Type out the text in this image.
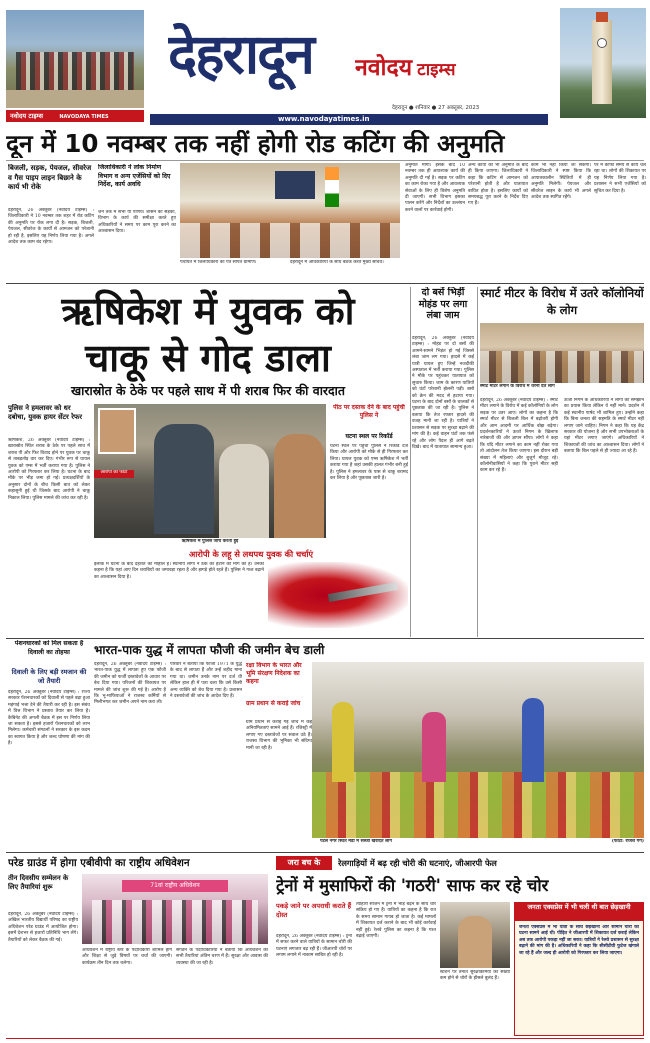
नवोदय टाइम्स	NAVODAYA TIMES
देहरादून	नवोदय टाइम्स
देहरादून ● शनिवार ● 27 अक्तूबर, 2023
www.navodayatimes.in
दून में 10 नवम्बर तक नहीं होगी रोड कटिंग की अनुमति
बिजली, सड़क, पेयजल, सीवरेज व गैस पाइप लाइन बिछाने के कार्य भी रोके
देहरादून, 26 अक्तूबर (नवोदय टाइम्स) : जिलाधिकारी ने 10 नवम्बर तक शहर में रोड कटिंग की अनुमति पर रोक लगा दी है। सड़क, बिजली, पेयजल, सीवरेज के कार्यों से आमजन को परेशानी हो रही है, इसलिए यह निर्णय लिया गया है। अगले आदेश तक काम बंद रहेगा।
जिलाधिकारी ने लोक निर्माण विभाग व अन्य एजेंसियों को दिए निर्देश, कार्य अवधि
जन तक में सभी या पणिय। शासन की सड़कों, विभाग के कार्य की समीक्षा करते हुए अधिकारियों ने समय पर काम पूरा करने का आश्वासन दिया।
पंचायत में जिलाधिकारी को पत्र सौंपते ग्रामीण।	देहरादून में अधिकारियों के साथ बैठक करते मुख्य सचिव।
अनुमति मांगी। इसके बाद 10 नवम्बर तक ही आवश्यक कार्य की अनुमति दी गई है। सड़क पर कटिंग का काम रोका गया है और आवश्यक सेवाओं के लिए ही विशेष अनुमति दी जाएगी। सभी विभाग इसका पालन करेंगे और निर्देशों का उल्लंघन करने वालों पर कार्रवाई होगी।
अन्य कार्यों को भी अनुमति के बाद ही किया जाएगा। जिलाधिकारी ने कहा कि कटिंग से आमजन को परेशानी होती है और यातायात बाधित होता है। इसलिए कार्यों को समयबद्ध पूरा करने के निर्देश दिए गए हैं।
काम भी नहीं किया जा सकेगा। जिलाधिकारी ने स्पष्ट किया कि आपातकालीन स्थितियों में ही अनुमति मिलेगी। पेयजल और सीवरेज लाइन के कार्य भी अगले आदेश तक स्थगित रहेंगे।
पर में काफी समय से कार्य चल रहा था। लोगों की शिकायत पर यह निर्णय लिया गया है। प्रशासन ने सभी एजेंसियों को सूचित कर दिया है।
ऋषिकेश में युवक को
चाकू से गोद डाला
खारास्रोत के ठेके पर पहले साथ में पी शराब फिर की वारदात
दो बसें भिड़ीं मोहंड पर लगा लंबा जाम
देहरादून, 26 अक्तूबर (नवोदय टाइम्स) : मोहंड पर दो बसों की आमने-सामने भिड़ंत हो गई जिससे लंबा जाम लग गया। हादसे में कई यात्री घायल हुए जिन्हें नजदीकी अस्पताल में भर्ती कराया गया। पुलिस ने मौके पर पहुंचकर यातायात को सुचारु किया। जाम के कारण यात्रियों को घंटों परेशानी झेलनी पड़ी। बसों को क्रेन की मदद से हटाया गया। घटना के बाद दोनों बसों के चालकों से पूछताछ की जा रही है। पुलिस ने बताया कि तेज रफ्तार हादसे की वजह मानी जा रही है। यात्रियों ने प्रशासन से सड़क पर सुरक्षा बढ़ाने की मांग की है। कई वाहन घंटों तक फंसे रहे और लोग पैदल ही आगे बढ़ते दिखे। बाद में यातायात सामान्य हुआ।
स्मार्ट मीटर के विरोध में उतरे कॉलोनियों के लोग
स्मार्ट मीटर लगाने के विरोध में धरना देते लोग
देहरादून, 26 अक्तूबर (नवोदय टाइम्स) : स्मार्ट मीटर लगाने के विरोध में कई कॉलोनियों के लोग सड़क पर उतर आए। लोगों का कहना है कि स्मार्ट मीटर से बिजली बिल में बढ़ोतरी होगी और आम आदमी पर आर्थिक बोझ बढ़ेगा। प्रदर्शनकारियों ने ऊर्जा निगम के खिलाफ नारेबाजी की और ज्ञापन सौंपा। लोगों ने कहा कि यदि मीटर लगाने का काम नहीं रोका गया तो आंदोलन तेज किया जाएगा। इस दौरान बड़ी संख्या में महिलाएं और बुजुर्ग मौजूद रहे। कॉलोनीवासियों ने कहा कि पुराने मीटर सही काम कर रहे हैं।
ऊर्जा निगम के अधिकारियों ने लोगों को समझाने का प्रयास किया लेकिन वे नहीं माने। प्रदर्शन में कई स्थानीय पार्षद भी शामिल हुए। उन्होंने कहा कि बिना जनता की सहमति के स्मार्ट मीटर नहीं लगाए जाने चाहिए। निगम ने कहा कि यह केंद्र सरकार की योजना है और सभी उपभोक्ताओं के यहां मीटर लगाए जाएंगे। अधिकारियों ने शिकायतों की जांच का आश्वासन दिया। लोगों ने बताया कि बिल पहले से ही ज्यादा आ रहे हैं।
पुलिस ने हमलावर को धर दबोचा, युवक हायर सेंटर रेफर
ऋषिकेश, 26 अक्तूबर (नवोदय टाइम्स) : खारास्रोत स्थित शराब के ठेके पर पहले साथ में शराब पी और फिर विवाद होने पर युवक पर चाकू से ताबड़तोड़ वार कर दिए। गंभीर रूप से घायल युवक को एम्स में भर्ती कराया गया है। पुलिस ने आरोपी को गिरफ्तार कर लिया है। घटना के बाद मौके पर भीड़ जमा हो गई। प्रत्यक्षदर्शियों के अनुसार दोनों के बीच किसी बात को लेकर कहासुनी हुई थी जिसके बाद आरोपी ने चाकू निकाल लिया। पुलिस मामले की जांच कर रही है।
आरोपी की फोटो
ऋषिकेश में पुलिस जांच करती हुई
पीठ पर दस्तक देने के बाद पहुंची पुलिस ने
घटना स्थल पर रिकॉर्ड
घटना स्थल पर पहुंची पुलिस ने रिकॉर्ड दर्ज किया और आरोपी को मौके से ही गिरफ्तार कर लिया। घायल युवक को एम्स ऋषिकेश में भर्ती कराया गया है जहां उसकी हालत गंभीर बनी हुई है। पुलिस ने हमलावर के पास से चाकू बरामद कर लिया है और पूछताछ जारी है।
आरोपी के लहू से लथपथ युवक की चर्चाएं
इलाके में घटना के बाद दहशत का माहौल है। स्थानीय लोगों ने ठेके को हटाने की मांग की है। उनका कहना है कि यहां आए दिन शराबियों का जमावड़ा रहता है और झगड़े होते रहते हैं। पुलिस ने गश्त बढ़ाने का आश्वासन दिया है।
पेंशनधारकों को मिल सकता है दिवाली का तोहफा
दिवाली के लिए बड़ी रमजान की जो तैयारी
देहरादून, 26 अक्तूबर (नवोदय टाइम्स) : राज्य सरकार पेंशनधारकों को दिवाली से पहले बढ़ा हुआ महंगाई भत्ता देने की तैयारी कर रही है। इस संबंध में वित्त विभाग ने प्रस्ताव तैयार कर लिया है। कैबिनेट की अगली बैठक में इस पर निर्णय लिया जा सकता है। इससे हजारों पेंशनधारकों को लाभ मिलेगा। कर्मचारी संगठनों ने सरकार के इस कदम का स्वागत किया है और जल्द घोषणा की मांग की है।
भारत-पाक युद्ध में लापता फौजी की जमीन बेच डाली
देहरादून, 26 अक्तूबर (नवोदय टाइम्स) : भारत-पाक युद्ध में लापता हुए एक फौजी की जमीन को फर्जी दस्तावेजों के आधार पर बेच दिया गया। परिजनों की शिकायत पर मामले की जांच शुरू की गई है। आरोप है कि भू-माफियाओं ने राजस्व कर्मियों से मिलीभगत कर जमीन अपने नाम करा ली।
परिवार ने बताया कि फौजी 1971 के युद्ध के बाद से लापता हैं और उन्हें शहीद माना गया था। जमीन उनके नाम पर दर्ज थी लेकिन हाल ही में पता चला कि उसे किसी अन्य व्यक्ति को बेच दिया गया है। प्रशासन ने दस्तावेजों की जांच के आदेश दिए हैं।
रक्षा विभाग के भारत और भूमि संरक्षण निदेशक का कहना
ग्राम प्रधान से कराई जांच
ग्राम प्रधान से कराई गई जांच में कई अनियमितताएं सामने आई हैं। रजिस्ट्री में लगाए गए दस्तावेजों पर सवाल उठे हैं। राजस्व विभाग की भूमिका भी संदिग्ध मानी जा रही है।
पटेल नगर स्थित मंडी में सब्जी खरीदते लोग	(फोटो: राजेश गर्ग)
परेड ग्राउंड में होगा एबीवीपी का राष्ट्रीय अधिवेशन	जरा बच के	रेलगाड़ियों में बढ़ रही चोरी की घटनाएं, जीआरपी फेल
तीन दिवसीय सम्मेलन के लिए तैयारियां शुरू
देहरादून, 26 अक्तूबर (नवोदय टाइम्स) : अखिल भारतीय विद्यार्थी परिषद का राष्ट्रीय अधिवेशन परेड ग्राउंड में आयोजित होगा। इसमें देशभर से हजारों प्रतिनिधि भाग लेंगे। तैयारियों को लेकर बैठक की गई।
71वां राष्ट्रीय अधिवेशन
अधिवेशन में राष्ट्रीय स्तर के पदाधिकारी शामिल होंगे और शिक्षा से जुड़े विषयों पर चर्चा की जाएगी। कार्यक्रम तीन दिन तक चलेगा।
संगठन के पदाधिकारियों ने बताया कि अधिवेशन की सभी तैयारियां अंतिम चरण में हैं। सुरक्षा और आवास की व्यवस्था की जा रही है।
ट्रेनों में मुसाफिरों की 'गठरी' साफ कर रहे चोर
पकड़े जाने पर अपराधी कराते हैं दोस्त
देहरादून, 26 अक्तूबर (नवोदय टाइम्स) : ट्रेनों में सफर करने वाले यात्रियों के सामान चोरी की घटनाएं लगातार बढ़ रही हैं। जीआरपी चोरों पर लगाम लगाने में नाकाम साबित हो रही है।
त्योहारी सीजन में ट्रेनों में भीड़ बढ़ने के साथ चोर सक्रिय हो गए हैं। यात्रियों का कहना है कि रात के समय सामान गायब हो जाता है। कई मामलों में शिकायत दर्ज कराने के बाद भी कोई कार्रवाई नहीं हुई। रेलवे पुलिस का कहना है कि गश्त बढ़ाई जाएगी।
स्टेशन पर तैनात सुरक्षाकर्मियों की संख्या कम होने से चोरों के हौसले बुलंद हैं।
जनता एक्सप्रेस में भी चली थी बात छेड़खानी
जनता एक्सप्रेस में भी यात्री के साथ छेड़खानी और सामान चोरी की घटना सामने आई थी। पीड़ित ने जीआरपी में शिकायत दर्ज कराई लेकिन अब तक आरोपी पकड़ा नहीं जा सका। यात्रियों ने रेलवे प्रशासन से सुरक्षा बढ़ाने की मांग की है। अधिकारियों ने कहा कि सीसीटीवी फुटेज खंगाले जा रहे हैं और जल्द ही आरोपी को गिरफ्तार कर लिया जाएगा।
